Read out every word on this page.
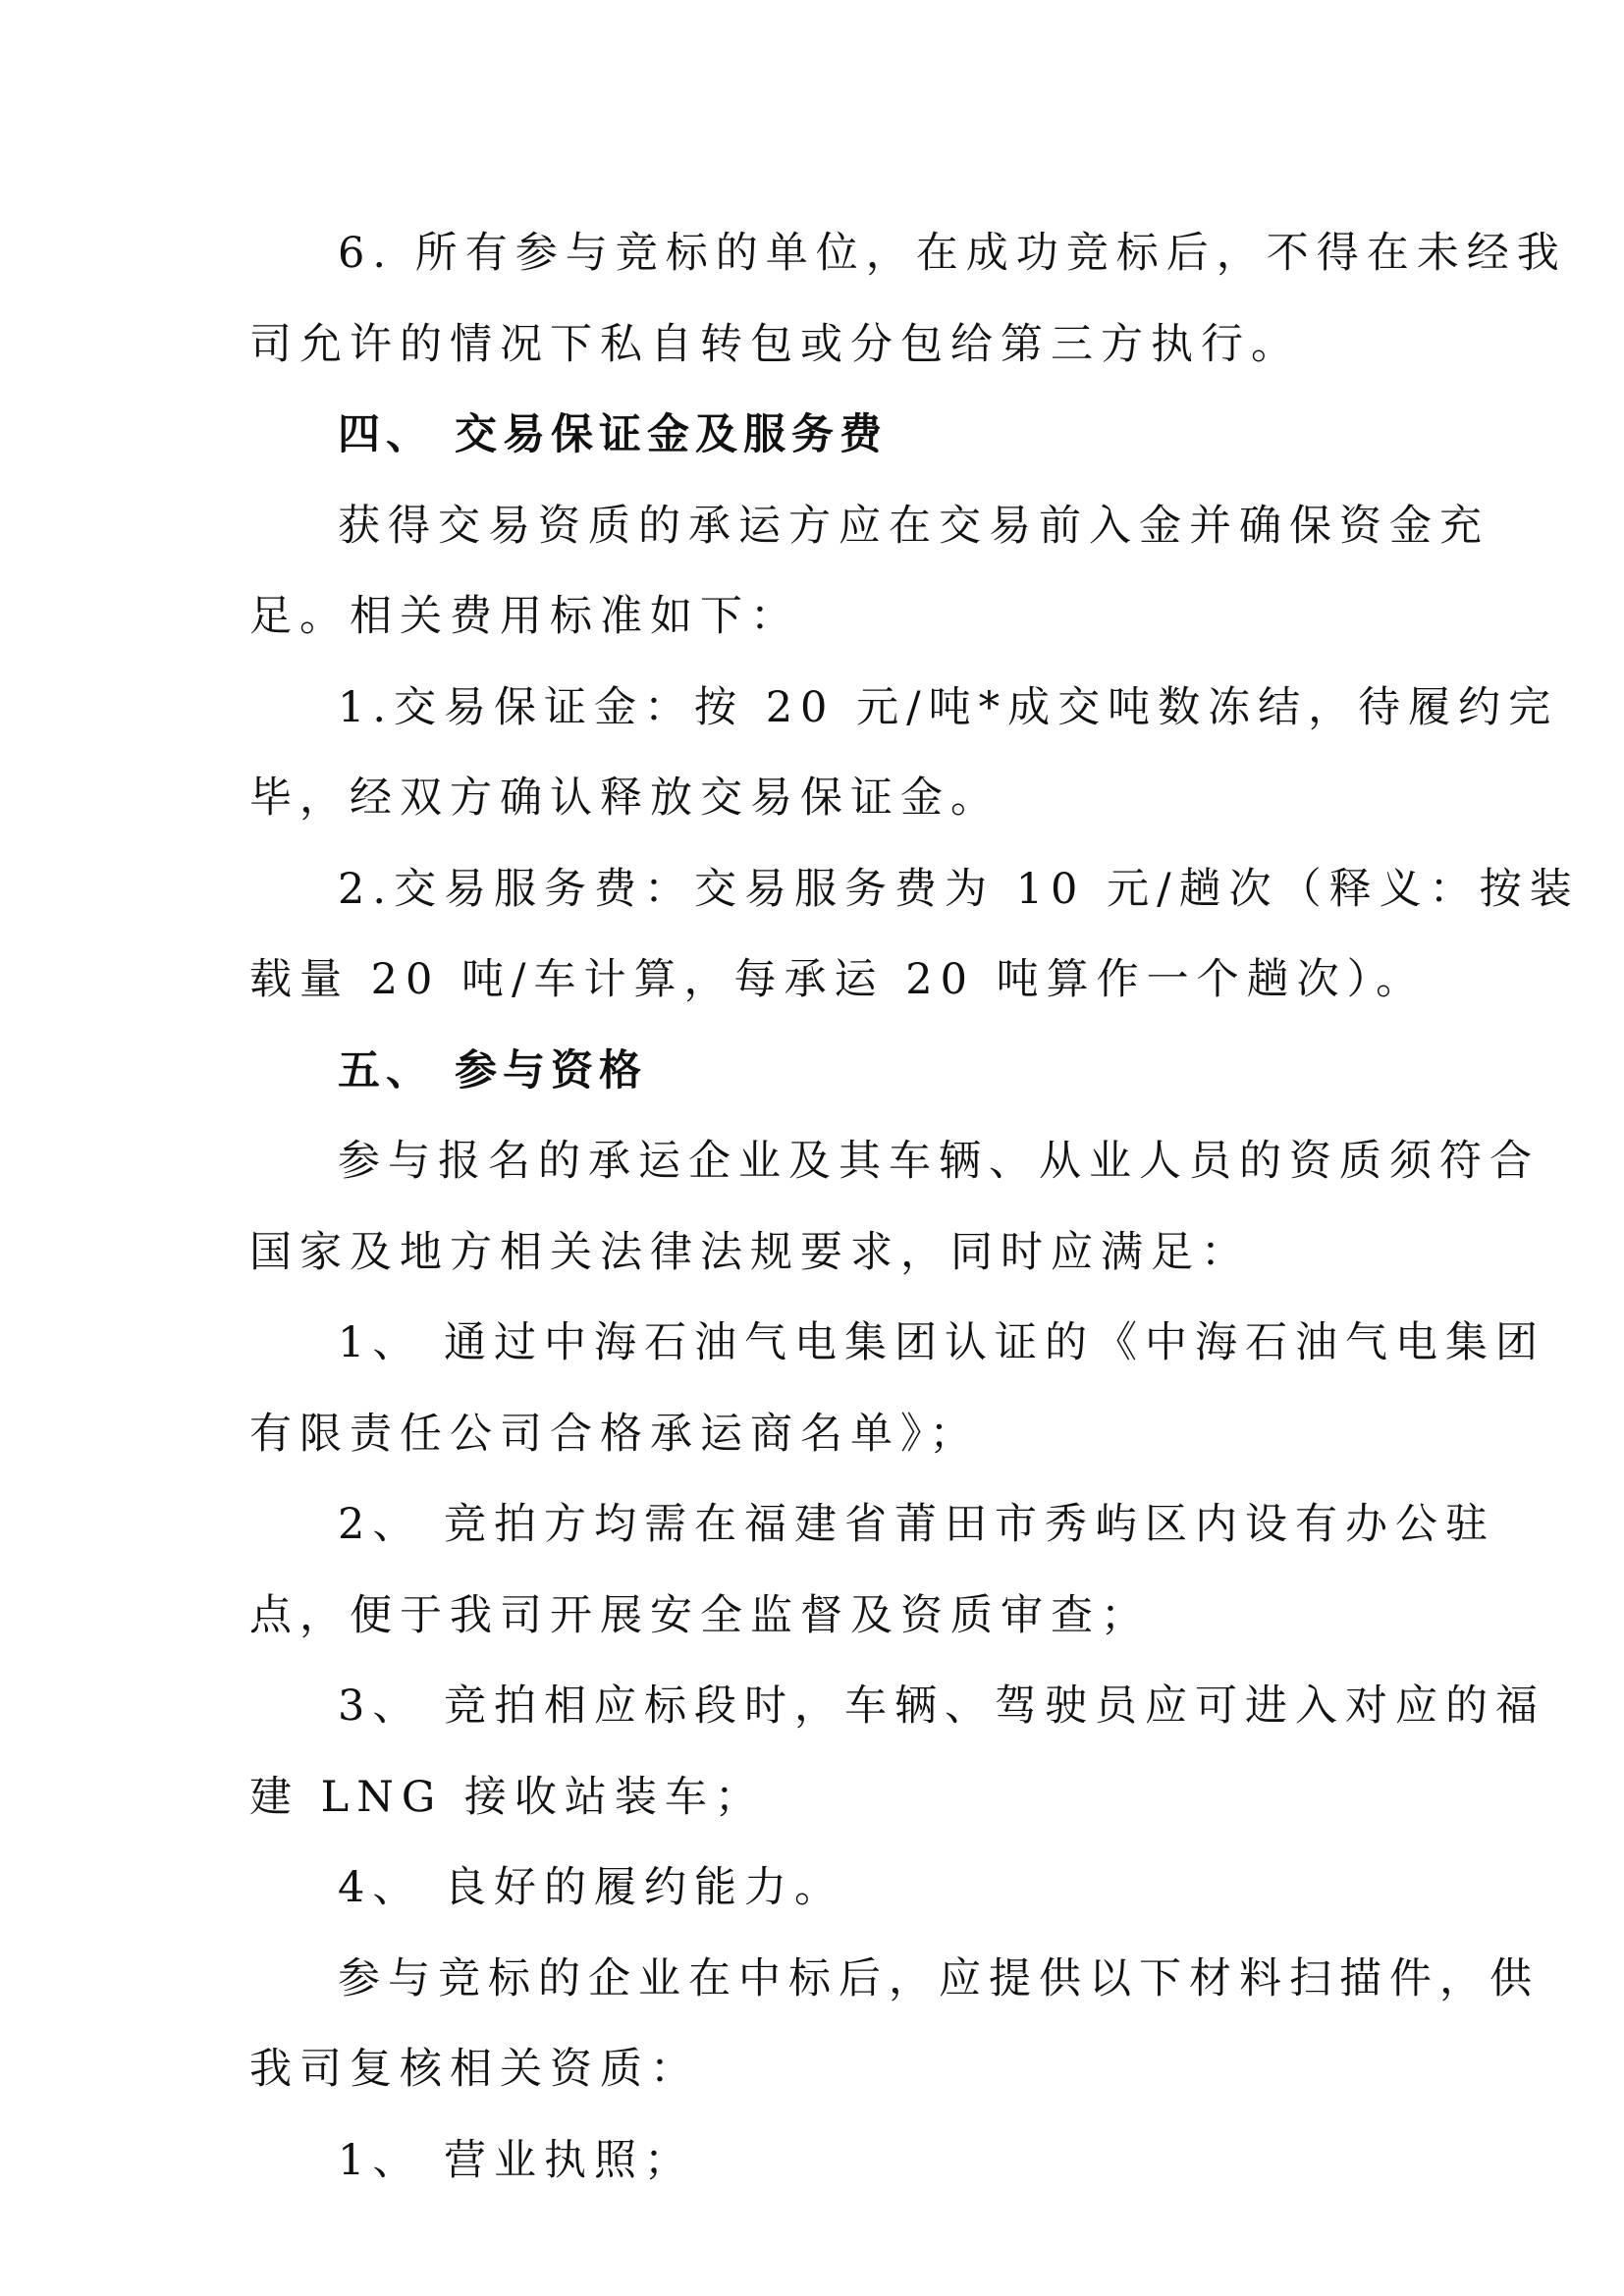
6. 所有参与竞标的单位，在成功竞标后，不得在未经我

司允许的情况下私自转包或分包给第三方执行。

四、 交易保证金及服务费

获得交易资质的承运方应在交易前入金并确保资金充

足。相关费用标准如下：

1.交易保证金：按 20 元/吨*成交吨数冻结，待履约完

毕，经双方确认释放交易保证金。

2.交易服务费：交易服务费为 10 元/趟次（释义：按装

载量 20 吨/车计算，每承运 20 吨算作一个趟次）。

五、 参与资格

参与报名的承运企业及其车辆、从业人员的资质须符合

国家及地方相关法律法规要求，同时应满足：

1、 通过中海石油气电集团认证的《中海石油气电集团

有限责任公司合格承运商名单》；

2、 竞拍方均需在福建省莆田市秀屿区内设有办公驻

点，便于我司开展安全监督及资质审查；

3、 竞拍相应标段时，车辆、驾驶员应可进入对应的福

建 LNG 接收站装车；

4、 良好的履约能力。

参与竞标的企业在中标后，应提供以下材料扫描件，供

我司复核相关资质：

1、 营业执照；
